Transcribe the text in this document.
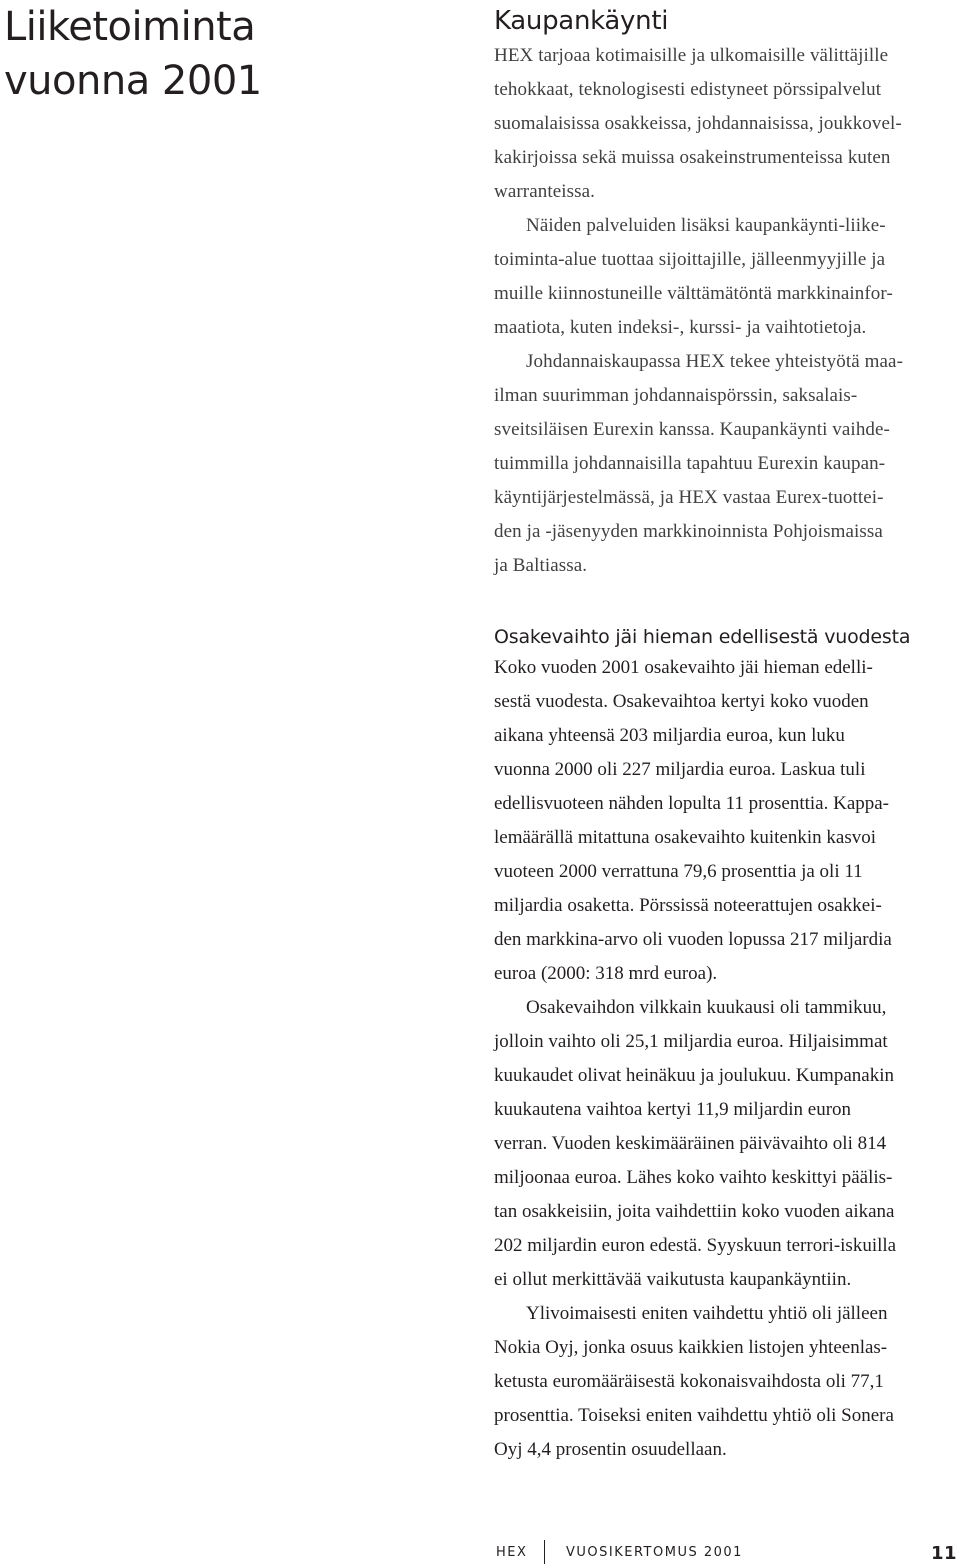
Liiketoiminta
vuonna 2001
Kaupankäynti
HEX tarjoaa kotimaisille ja ulkomaisille välittäjille
tehokkaat, teknologisesti edistyneet pörssipalvelut
suomalaisissa osakkeissa, johdannaisissa, joukkovel-
kakirjoissa sekä muissa osakeinstrumenteissa kuten
warranteissa.
Näiden palveluiden lisäksi kaupankäynti-liike-
toiminta-alue tuottaa sijoittajille, jälleenmyyjille ja
muille kiinnostuneille välttämätöntä markkinainfor-
maatiota, kuten indeksi-, kurssi- ja vaihtotietoja.
Johdannaiskaupassa HEX tekee yhteistyötä maa-
ilman suurimman johdannaispörssin, saksalais-
sveitsiläisen Eurexin kanssa. Kaupankäynti vaihde-
tuimmilla johdannaisilla tapahtuu Eurexin kaupan-
käyntijärjestelmässä, ja HEX vastaa Eurex-tuottei-
den ja -jäsenyyden markkinoinnista Pohjoismaissa
ja Baltiassa.
Osakevaihto jäi hieman edellisestä vuodesta
Koko vuoden 2001 osakevaihto jäi hieman edelli-
sestä vuodesta. Osakevaihtoa kertyi koko vuoden
aikana yhteensä 203 miljardia euroa, kun luku
vuonna 2000 oli 227 miljardia euroa. Laskua tuli
edellisvuoteen nähden lopulta 11 prosenttia. Kappa-
lemäärällä mitattuna osakevaihto kuitenkin kasvoi
vuoteen 2000 verrattuna 79,6 prosenttia ja oli 11
miljardia osaketta. Pörssissä noteerattujen osakkei-
den markkina-arvo oli vuoden lopussa 217 miljardia
euroa (2000: 318 mrd euroa).
Osakevaihdon vilkkain kuukausi oli tammikuu,
jolloin vaihto oli 25,1 miljardia euroa. Hiljaisimmat
kuukaudet olivat heinäkuu ja joulukuu. Kumpanakin
kuukautena vaihtoa kertyi 11,9 miljardin euron
verran. Vuoden keskimääräinen päivävaihto oli 814
miljoonaa euroa. Lähes koko vaihto keskittyi päälis-
tan osakkeisiin, joita vaihdettiin koko vuoden aikana
202 miljardin euron edestä. Syyskuun terrori-iskuilla
ei ollut merkittävää vaikutusta kaupankäyntiin.
Ylivoimaisesti eniten vaihdettu yhtiö oli jälleen
Nokia Oyj, jonka osuus kaikkien listojen yhteenlas-
ketusta euromääräisestä kokonaisvaihdosta oli 77,1
prosenttia. Toiseksi eniten vaihdettu yhtiö oli Sonera
Oyj 4,4 prosentin osuudellaan.
HEX	VUOSIKERTOMUS 2001	11
